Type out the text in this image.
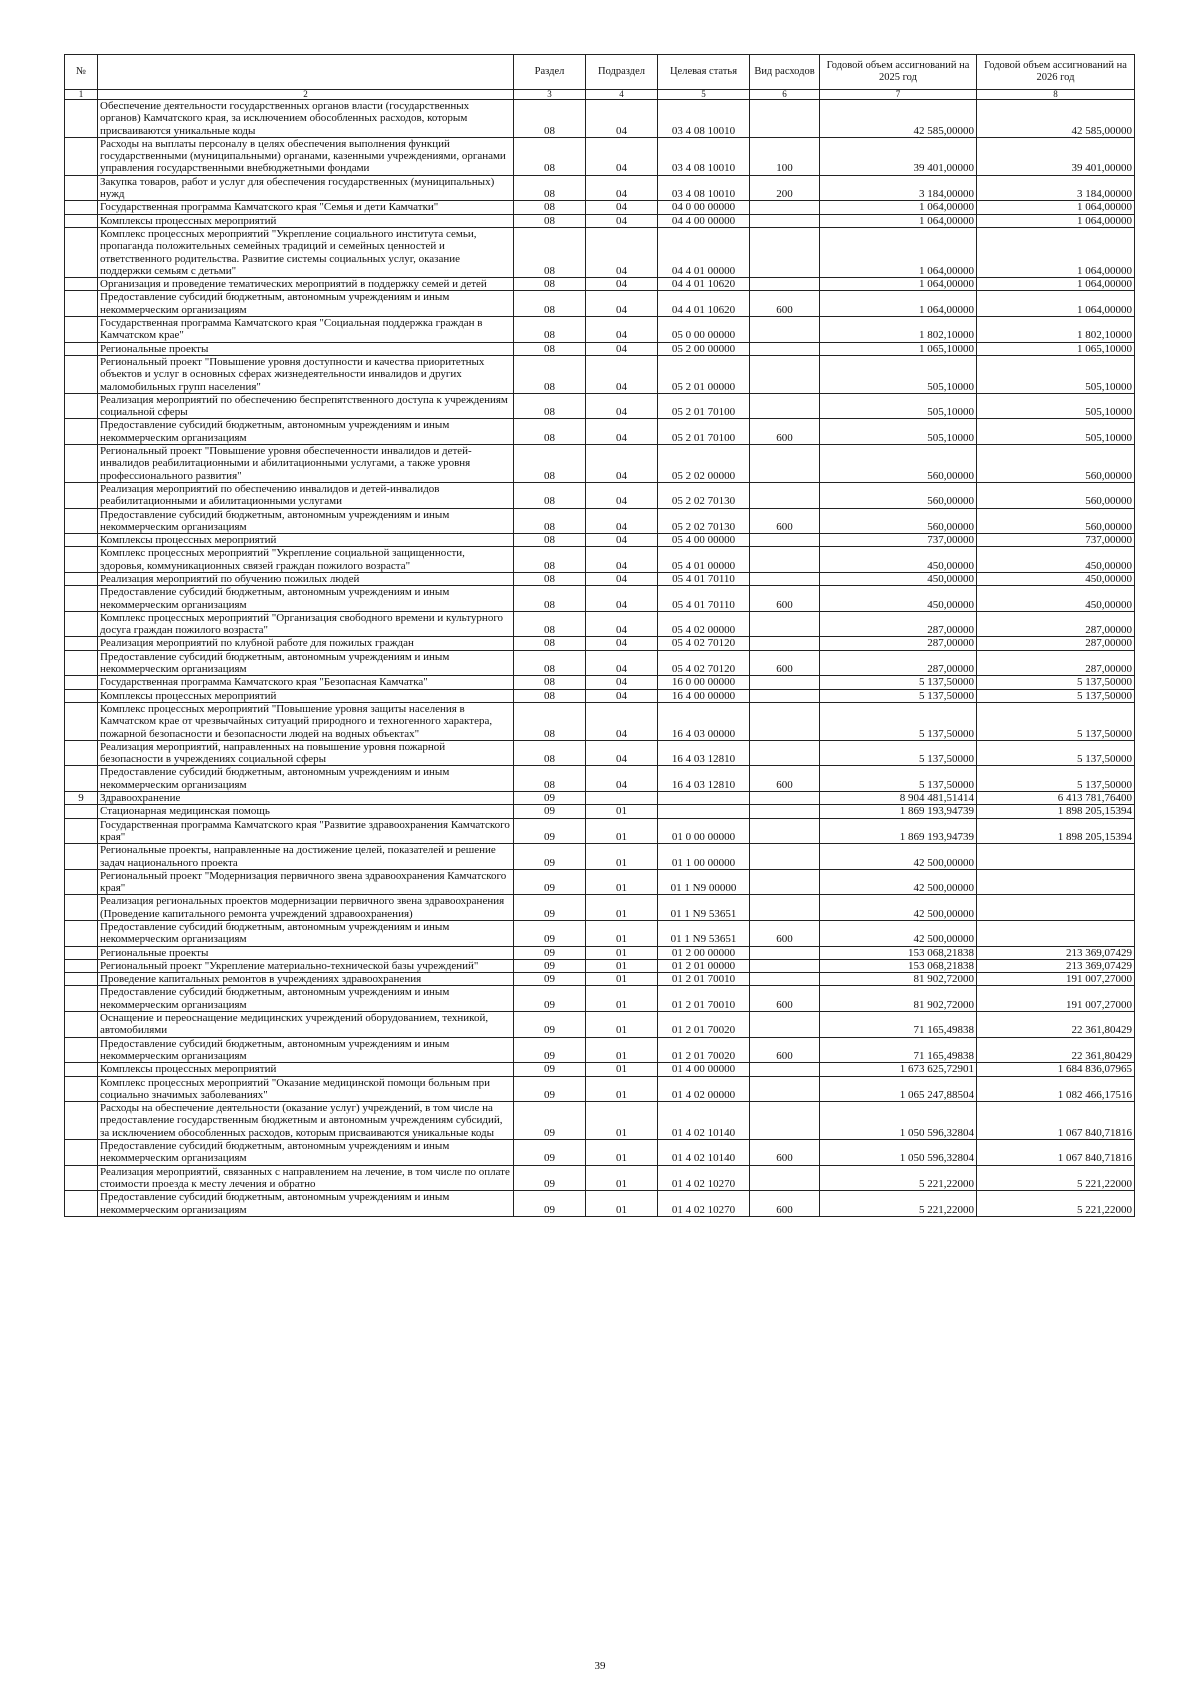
№		Раздел	Подраздел	Целевая статья	Вид расходов	Годовой объем ассигнований на 2025 год	Годовой объем ассигнований на 2026 год
1	2	3	4	5	6	7	8
	Обеспечение деятельности государственных органов власти (государственных органов) Камчатского края, за исключением обособленных расходов, которым присваиваются уникальные коды	08	04	03 4 08 10010		42 585,00000	42 585,00000
	Расходы на выплаты персоналу в целях обеспечения выполнения функций государственными (муниципальными) органами, казенными учреждениями, органами управления государственными внебюджетными фондами	08	04	03 4 08 10010	100	39 401,00000	39 401,00000
	Закупка товаров, работ и услуг для обеспечения государственных (муниципальных) нужд	08	04	03 4 08 10010	200	3 184,00000	3 184,00000
	Государственная программа Камчатского края "Семья и дети Камчатки"	08	04	04 0 00 00000		1 064,00000	1 064,00000
	Комплексы процессных мероприятий	08	04	04 4 00 00000		1 064,00000	1 064,00000
	Комплекс процессных мероприятий "Укрепление социального института семьи, пропаганда положительных семейных традиций и семейных ценностей и ответственного родительства. Развитие системы социальных услуг, оказание поддержки семьям с детьми"	08	04	04 4 01 00000		1 064,00000	1 064,00000
	Организация и проведение тематических мероприятий в поддержку семей и детей	08	04	04 4 01 10620		1 064,00000	1 064,00000
	Предоставление субсидий бюджетным, автономным учреждениям и иным некоммерческим организациям	08	04	04 4 01 10620	600	1 064,00000	1 064,00000
	Государственная программа Камчатского края "Социальная поддержка граждан в Камчатском крае"	08	04	05 0 00 00000		1 802,10000	1 802,10000
	Региональные проекты	08	04	05 2 00 00000		1 065,10000	1 065,10000
	Региональный проект "Повышение уровня доступности и качества приоритетных объектов и услуг в основных сферах жизнедеятельности инвалидов и других маломобильных групп населения"	08	04	05 2 01 00000		505,10000	505,10000
	Реализация мероприятий по обеспечению беспрепятственного доступа к учреждениям социальной сферы	08	04	05 2 01 70100		505,10000	505,10000
	Предоставление субсидий бюджетным, автономным учреждениям и иным некоммерческим организациям	08	04	05 2 01 70100	600	505,10000	505,10000
	Региональный проект "Повышение уровня обеспеченности инвалидов и детей-инвалидов реабилитационными и абилитационными услугами, а также уровня профессионального развития"	08	04	05 2 02 00000		560,00000	560,00000
	Реализация мероприятий по обеспечению инвалидов и детей-инвалидов реабилитационными и абилитационными услугами	08	04	05 2 02 70130		560,00000	560,00000
	Предоставление субсидий бюджетным, автономным учреждениям и иным некоммерческим организациям	08	04	05 2 02 70130	600	560,00000	560,00000
	Комплексы процессных мероприятий	08	04	05 4 00 00000		737,00000	737,00000
	Комплекс процессных мероприятий "Укрепление социальной защищенности, здоровья, коммуникационных связей граждан пожилого возраста"	08	04	05 4 01 00000		450,00000	450,00000
	Реализация мероприятий по обучению пожилых людей	08	04	05 4 01 70110		450,00000	450,00000
	Предоставление субсидий бюджетным, автономным учреждениям и иным некоммерческим организациям	08	04	05 4 01 70110	600	450,00000	450,00000
	Комплекс процессных мероприятий "Организация свободного времени и культурного досуга граждан пожилого возраста"	08	04	05 4 02 00000		287,00000	287,00000
	Реализация мероприятий по клубной работе для пожилых граждан	08	04	05 4 02 70120		287,00000	287,00000
	Предоставление субсидий бюджетным, автономным учреждениям и иным некоммерческим организациям	08	04	05 4 02 70120	600	287,00000	287,00000
	Государственная программа Камчатского края "Безопасная Камчатка"	08	04	16 0 00 00000		5 137,50000	5 137,50000
	Комплексы процессных мероприятий	08	04	16 4 00 00000		5 137,50000	5 137,50000
	Комплекс процессных мероприятий "Повышение уровня защиты населения в Камчатском крае от чрезвычайных ситуаций природного и техногенного характера, пожарной безопасности и безопасности людей на водных объектах"	08	04	16 4 03 00000		5 137,50000	5 137,50000
	Реализация мероприятий, направленных на повышение уровня пожарной безопасности в учреждениях социальной сферы	08	04	16 4 03 12810		5 137,50000	5 137,50000
	Предоставление субсидий бюджетным, автономным учреждениям и иным некоммерческим организациям	08	04	16 4 03 12810	600	5 137,50000	5 137,50000
9	Здравоохранение	09				8 904 481,51414	6 413 781,76400
	Стационарная медицинская помощь	09	01			1 869 193,94739	1 898 205,15394
	Государственная программа Камчатского края "Развитие здравоохранения Камчатского края"	09	01	01 0 00 00000		1 869 193,94739	1 898 205,15394
	Региональные проекты, направленные на достижение целей, показателей и решение задач национального проекта	09	01	01 1 00 00000		42 500,00000	
	Региональный проект "Модернизация первичного звена здравоохранения Камчатского края"	09	01	01 1 N9 00000		42 500,00000	
	Реализация региональных проектов модернизации первичного звена здравоохранения (Проведение капитального ремонта учреждений здравоохранения)	09	01	01 1 N9 53651		42 500,00000	
	Предоставление субсидий бюджетным, автономным учреждениям и иным некоммерческим организациям	09	01	01 1 N9 53651	600	42 500,00000	
	Региональные проекты	09	01	01 2 00 00000		153 068,21838	213 369,07429
	Региональный проект "Укрепление материально-технической базы учреждений"	09	01	01 2 01 00000		153 068,21838	213 369,07429
	Проведение капитальных ремонтов в учреждениях здравоохранения	09	01	01 2 01 70010		81 902,72000	191 007,27000
	Предоставление субсидий бюджетным, автономным учреждениям и иным некоммерческим организациям	09	01	01 2 01 70010	600	81 902,72000	191 007,27000
	Оснащение и переоснащение медицинских учреждений оборудованием, техникой, автомобилями	09	01	01 2 01 70020		71 165,49838	22 361,80429
	Предоставление субсидий бюджетным, автономным учреждениям и иным некоммерческим организациям	09	01	01 2 01 70020	600	71 165,49838	22 361,80429
	Комплексы процессных мероприятий	09	01	01 4 00 00000		1 673 625,72901	1 684 836,07965
	Комплекс процессных мероприятий "Оказание медицинской помощи больным при социально значимых заболеваниях"	09	01	01 4 02 00000		1 065 247,88504	1 082 466,17516
	Расходы на обеспечение деятельности (оказание услуг) учреждений, в том числе на предоставление государственным бюджетным и автономным учреждениям субсидий, за исключением обособленных расходов, которым присваиваются уникальные коды	09	01	01 4 02 10140		1 050 596,32804	1 067 840,71816
	Предоставление субсидий бюджетным, автономным учреждениям и иным некоммерческим организациям	09	01	01 4 02 10140	600	1 050 596,32804	1 067 840,71816
	Реализация мероприятий, связанных с направлением на лечение, в том числе по оплате стоимости проезда к месту лечения и обратно	09	01	01 4 02 10270		5 221,22000	5 221,22000
	Предоставление субсидий бюджетным, автономным учреждениям и иным некоммерческим организациям	09	01	01 4 02 10270	600	5 221,22000	5 221,22000
39
